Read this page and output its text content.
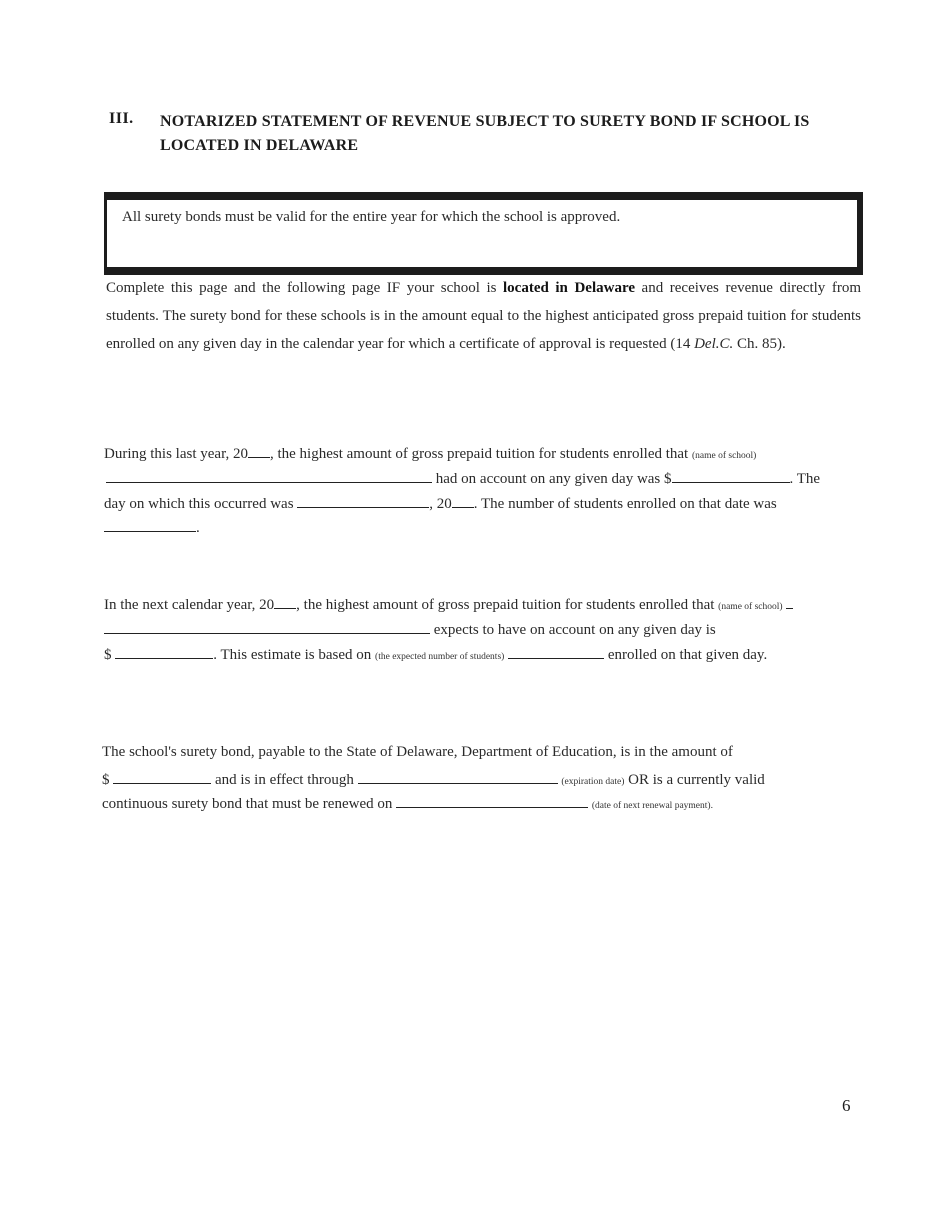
III. NOTARIZED STATEMENT OF REVENUE SUBJECT TO SURETY BOND IF SCHOOL IS LOCATED IN DELAWARE
All surety bonds must be valid for the entire year for which the school is approved.
Complete this page and the following page IF your school is located in Delaware and receives revenue directly from students. The surety bond for these schools is in the amount equal to the highest anticipated gross prepaid tuition for students enrolled on any given day in the calendar year for which a certificate of approval is requested (14 Del.C. Ch. 85).
During this last year, 20 , the highest amount of gross prepaid tuition for students enrolled that (name of school)
had on account on any given day was $	. The
day on which this occurred was	, 20 . The number of students enrolled on that date was
.
In the next calendar year, 20 , the highest amount of gross prepaid tuition for students enrolled that (name of school)
expects to have on account on any given day is
$	. This estimate is based on (the expected number of students)	enrolled on that given day.
The school's surety bond, payable to the State of Delaware, Department of Education, is in the amount of
$	and is in effect through	(expiration date) OR is a currently valid
continuous surety bond that must be renewed on	(date of next renewal payment).
6
